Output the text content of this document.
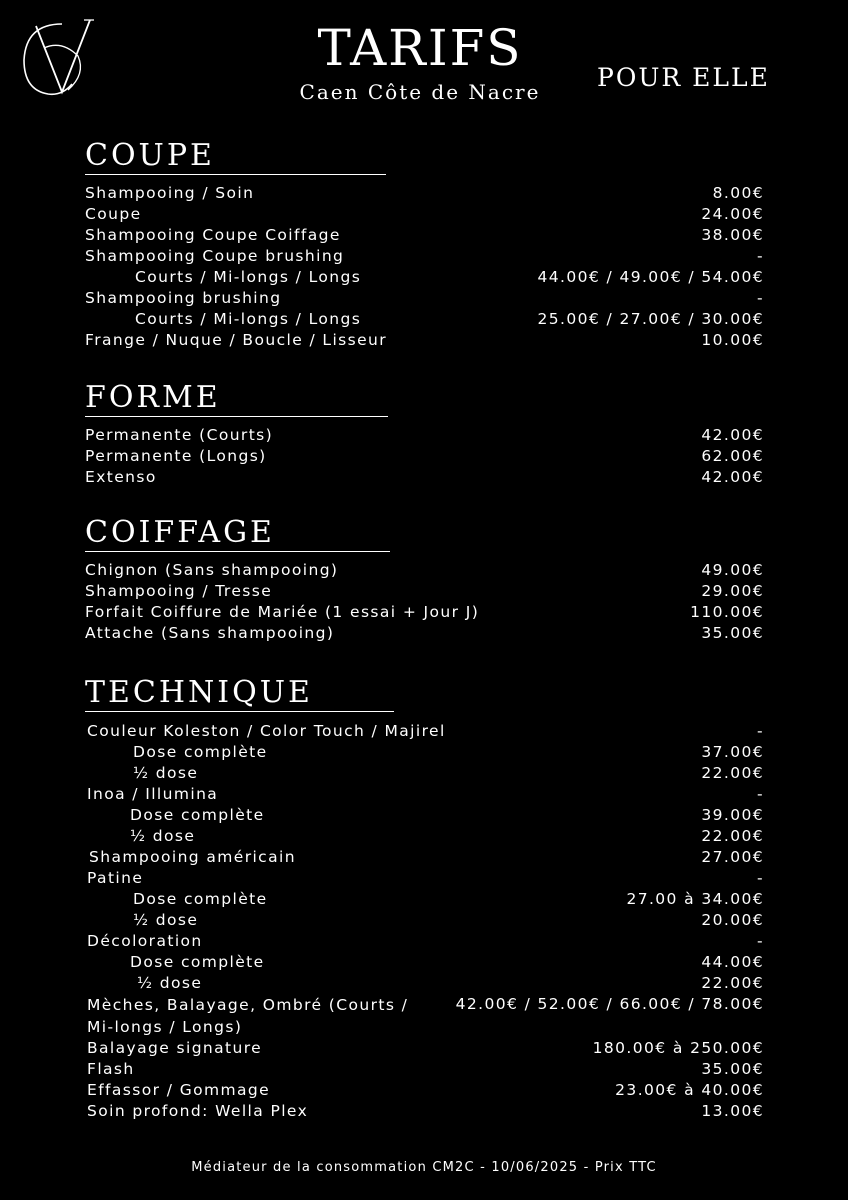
TARIFS
Caen Côte de Nacre	POUR ELLE
COUPE
Shampooing / Soin	8.00€
Coupe	24.00€
Shampooing Coupe Coiffage	38.00€
Shampooing Coupe brushing	-
Courts / Mi-longs / Longs	44.00€ / 49.00€ / 54.00€
Shampooing brushing	-
Courts / Mi-longs / Longs	25.00€ / 27.00€ / 30.00€
Frange / Nuque / Boucle / Lisseur	10.00€
FORME
Permanente (Courts)	42.00€
Permanente (Longs)	62.00€
Extenso	42.00€
COIFFAGE
Chignon (Sans shampooing)	49.00€
Shampooing / Tresse	29.00€
Forfait Coiffure de Mariée (1 essai + Jour J)	110.00€
Attache (Sans shampooing)	35.00€
TECHNIQUE
Couleur Koleston / Color Touch / Majirel	-
Dose complète	37.00€
½ dose	22.00€
Inoa / Illumina	-
Dose complète	39.00€
½ dose	22.00€
Shampooing américain	27.00€
Patine	-
Dose complète	27.00 à 34.00€
½ dose	20.00€
Décoloration	-
Dose complète	44.00€
½ dose	22.00€
Mèches, Balayage, Ombré (Courts / Mi-longs / Longs)
42.00€ / 52.00€ / 66.00€ / 78.00€
Balayage signature	180.00€ à 250.00€
Flash	35.00€
Effassor / Gommage	23.00€ à 40.00€
Soin profond: Wella Plex	13.00€
Médiateur de la consommation CM2C - 10/06/2025 - Prix TTC
